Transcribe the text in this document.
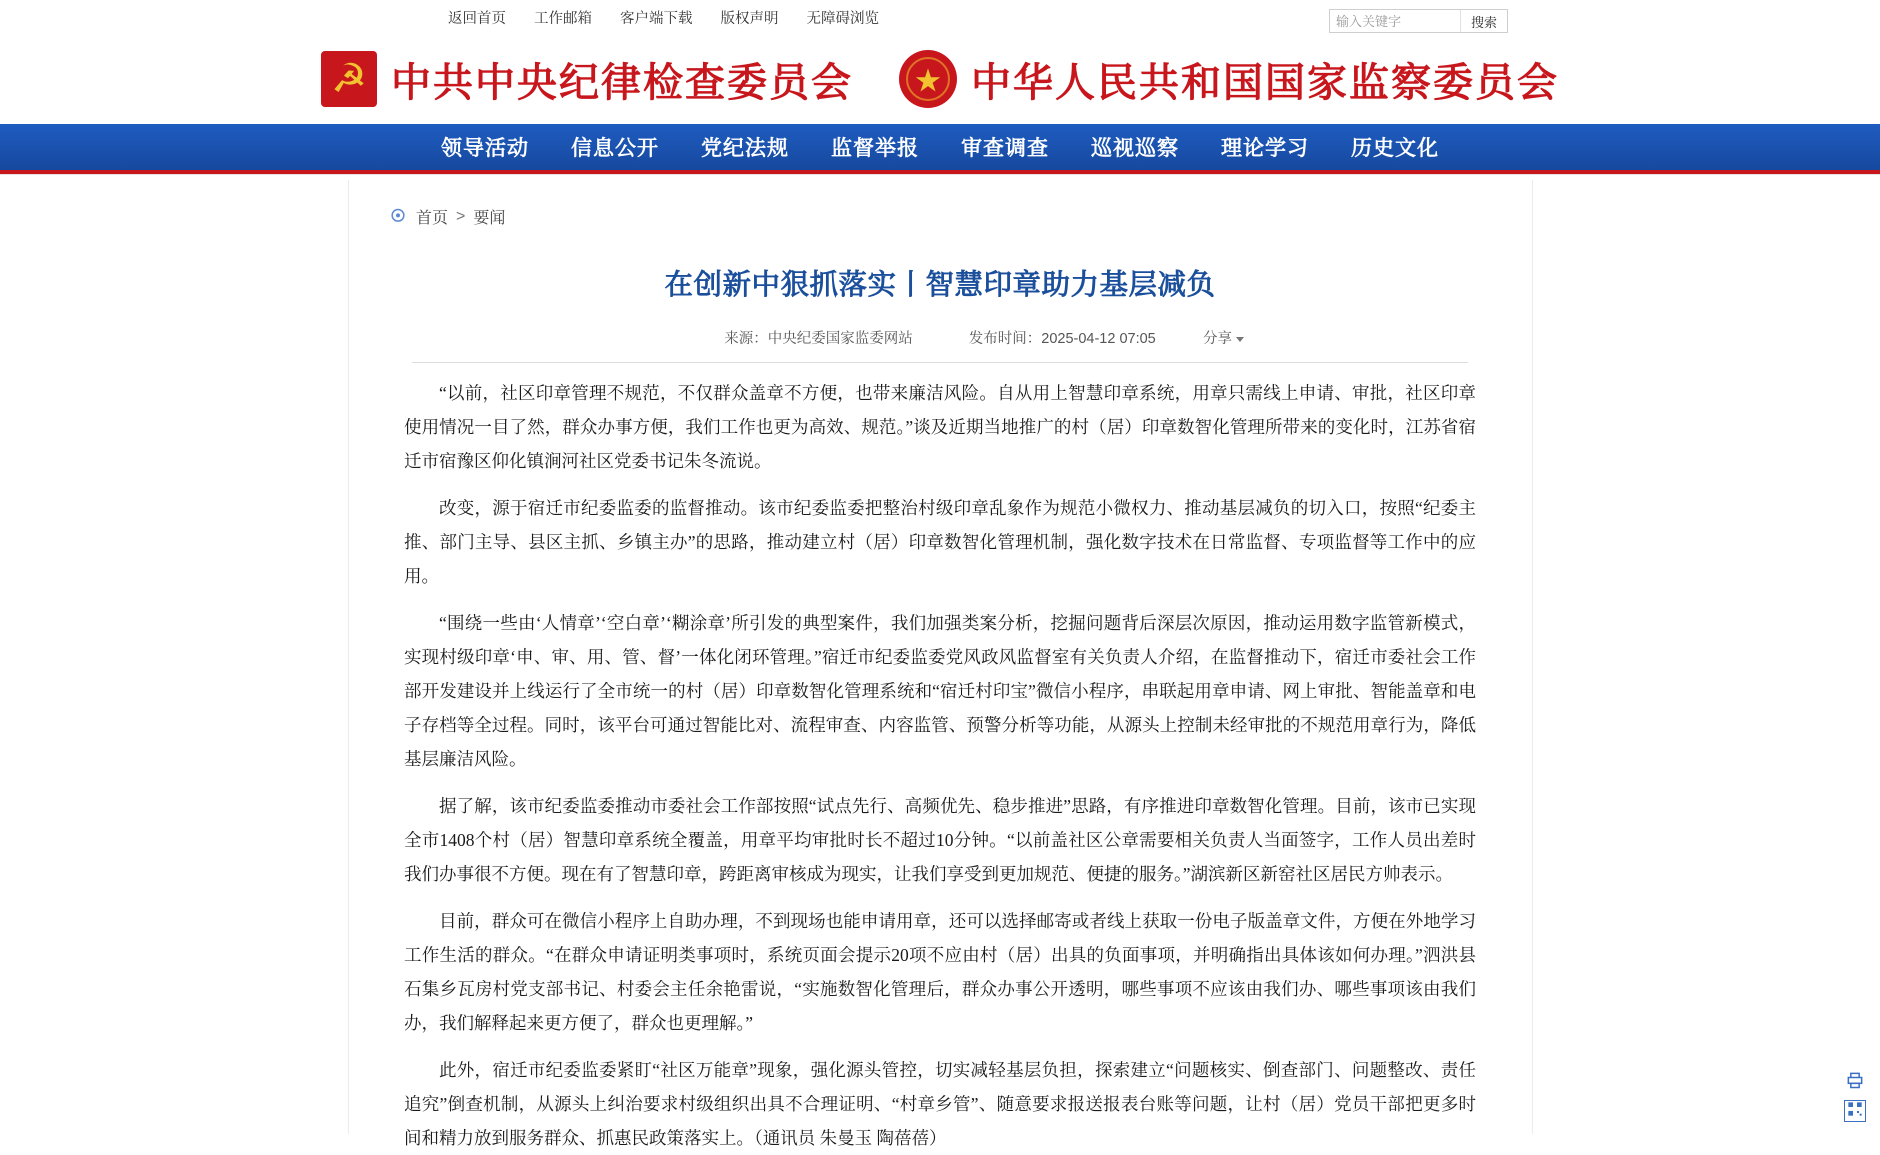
返回首页 工作邮箱 客户端下载 版权声明 无障碍浏览
输入关键字	搜索
☭ 中共中央纪律检查委员会	★ 中华人民共和国国家监察委员会
领导活动	信息公开	党纪法规	监督举报	审查调查	巡视巡察	理论学习	历史文化
首页 > 要闻
在创新中狠抓落实丨智慧印章助力基层减负
来源：中央纪委国家监委网站	发布时间：2025-04-12 07:05	分享

“以前，社区印章管理不规范，不仅群众盖章不方便，也带来廉洁风险。自从用上智慧印章系统，用章只需线上申请、审批，社区印章使用情况一目了然，群众办事方便，我们工作也更为高效、规范。”谈及近期当地推广的村（居）印章数智化管理所带来的变化时，江苏省宿迁市宿豫区仰化镇涧河社区党委书记朱冬流说。

改变，源于宿迁市纪委监委的监督推动。该市纪委监委把整治村级印章乱象作为规范小微权力、推动基层减负的切入口，按照“纪委主推、部门主导、县区主抓、乡镇主办”的思路，推动建立村（居）印章数智化管理机制，强化数字技术在日常监督、专项监督等工作中的应用。

“围绕一些由‘人情章’‘空白章’‘糊涂章’所引发的典型案件，我们加强类案分析，挖掘问题背后深层次原因，推动运用数字监管新模式，实现村级印章‘申、审、用、管、督’一体化闭环管理。”宿迁市纪委监委党风政风监督室有关负责人介绍，在监督推动下，宿迁市委社会工作部开发建设并上线运行了全市统一的村（居）印章数智化管理系统和“宿迁村印宝”微信小程序，串联起用章申请、网上审批、智能盖章和电子存档等全过程。同时，该平台可通过智能比对、流程审查、内容监管、预警分析等功能，从源头上控制未经审批的不规范用章行为，降低基层廉洁风险。

据了解，该市纪委监委推动市委社会工作部按照“试点先行、高频优先、稳步推进”思路，有序推进印章数智化管理。目前，该市已实现全市1408个村（居）智慧印章系统全覆盖，用章平均审批时长不超过10分钟。“以前盖社区公章需要相关负责人当面签字，工作人员出差时我们办事很不方便。现在有了智慧印章，跨距离审核成为现实，让我们享受到更加规范、便捷的服务。”湖滨新区新窑社区居民方帅表示。

目前，群众可在微信小程序上自助办理，不到现场也能申请用章，还可以选择邮寄或者线上获取一份电子版盖章文件，方便在外地学习工作生活的群众。“在群众申请证明类事项时，系统页面会提示20项不应由村（居）出具的负面事项，并明确指出具体该如何办理。”泗洪县石集乡瓦房村党支部书记、村委会主任余艳雷说，“实施数智化管理后，群众办事公开透明，哪些事项不应该由我们办、哪些事项该由我们办，我们解释起来更方便了，群众也更理解。”

此外，宿迁市纪委监委紧盯“社区万能章”现象，强化源头管控，切实减轻基层负担，探索建立“问题核实、倒查部门、问题整改、责任追究”倒查机制，从源头上纠治要求村级组织出具不合理证明、“村章乡管”、随意要求报送报表台账等问题，让村（居）党员干部把更多时间和精力放到服务群众、抓惠民政策落实上。（通讯员 朱曼玉 陶蓓蓓）
